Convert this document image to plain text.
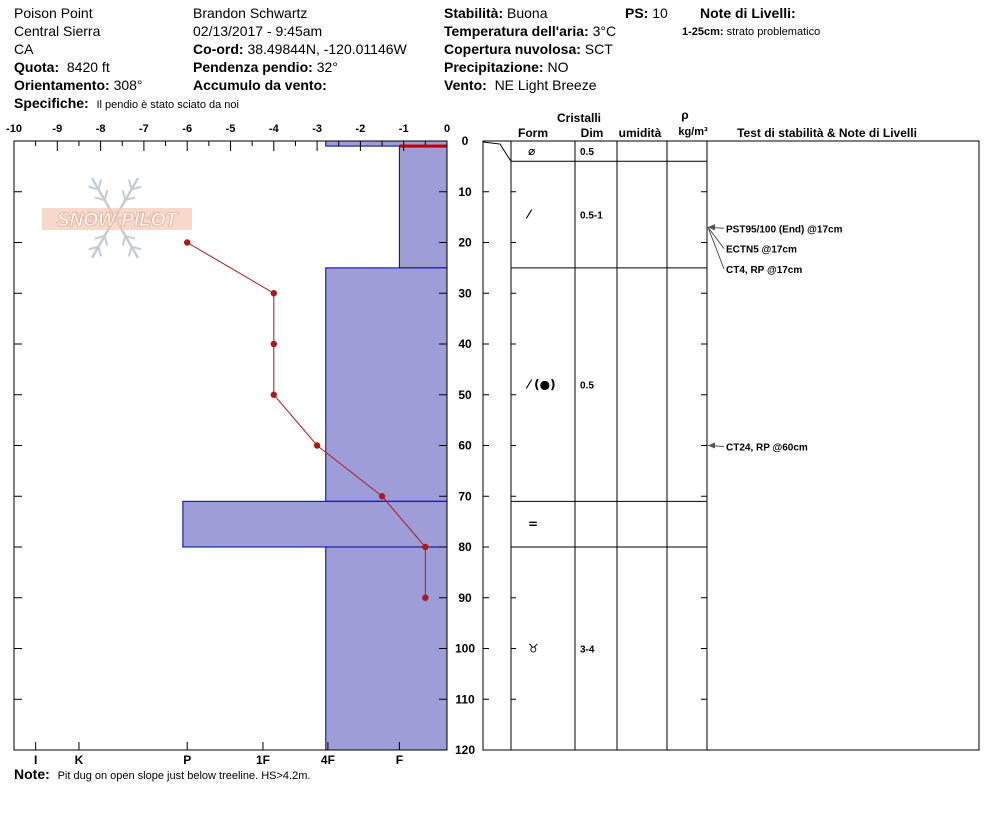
Poison Point
Central Sierra
CA
Quota: 8420 ft
Orientamento: 308°
Specifiche: Il pendio è stato sciato da noi
Brandon Schwartz
02/13/2017 - 9:45am
Co-ord: 38.49844N, -120.01146W
Pendenza pendio: 32°
Accumulo da vento:
Stabilità: Buona
Temperatura dell'aria: 3°C
Copertura nuvolosa: SCT
Precipitazione: NO
Vento: NE Light Breeze
PS: 10 Note di Livelli:
1-25cm: strato problematico
Note: Pit dug on open slope just below treeline. HS>4.2m.
SNOW PILOT
-10	-9	-8	-7	-6	-5	-4	-3	-2	-1	0
0
10
20
30
40
50
60
70
80
90
100
110
120
I	K	P	1F	4F	F
Cristalli
Form	Dim umidità
ρ
kg/m³ Test di stabilità & Note di Livelli
⌀	0.5
⁄	0.5-1
⁄ (●) 0.5
=
♉	3-4
PST95/100 (End) @17cm
ECTN5 @17cm
CT4, RP @17cm
CT24, RP @60cm
